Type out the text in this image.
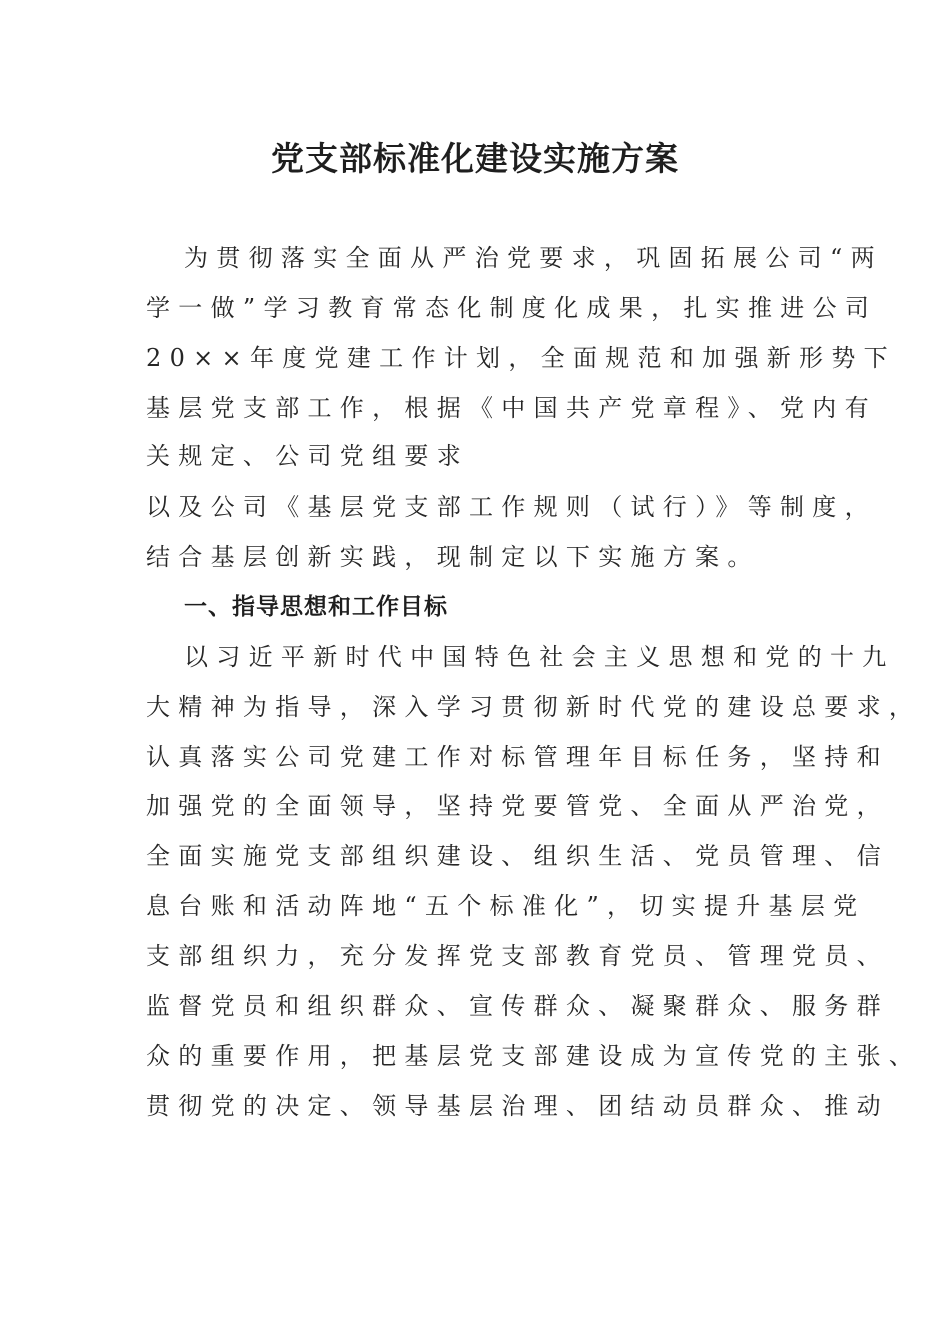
党支部标准化建设实施方案
为贯彻落实全面从严治党要求，巩固拓展公司“两
学一做”学习教育常态化制度化成果，扎实推进公司
20××年度党建工作计划，全面规范和加强新形势下
基层党支部工作，根据《中国共产党章程》、党内有
关规定、公司党组要求
以及公司《基层党支部工作规则（试行）》等制度，
结合基层创新实践，现制定以下实施方案。
一、指导思想和工作目标
以习近平新时代中国特色社会主义思想和党的十九
大精神为指导，深入学习贯彻新时代党的建设总要求，
认真落实公司党建工作对标管理年目标任务，坚持和
加强党的全面领导，坚持党要管党、全面从严治党，
全面实施党支部组织建设、组织生活、党员管理、信
息台账和活动阵地“五个标准化”，切实提升基层党
支部组织力，充分发挥党支部教育党员、管理党员、
监督党员和组织群众、宣传群众、凝聚群众、服务群
众的重要作用，把基层党支部建设成为宣传党的主张、
贯彻党的决定、领导基层治理、团结动员群众、推动
